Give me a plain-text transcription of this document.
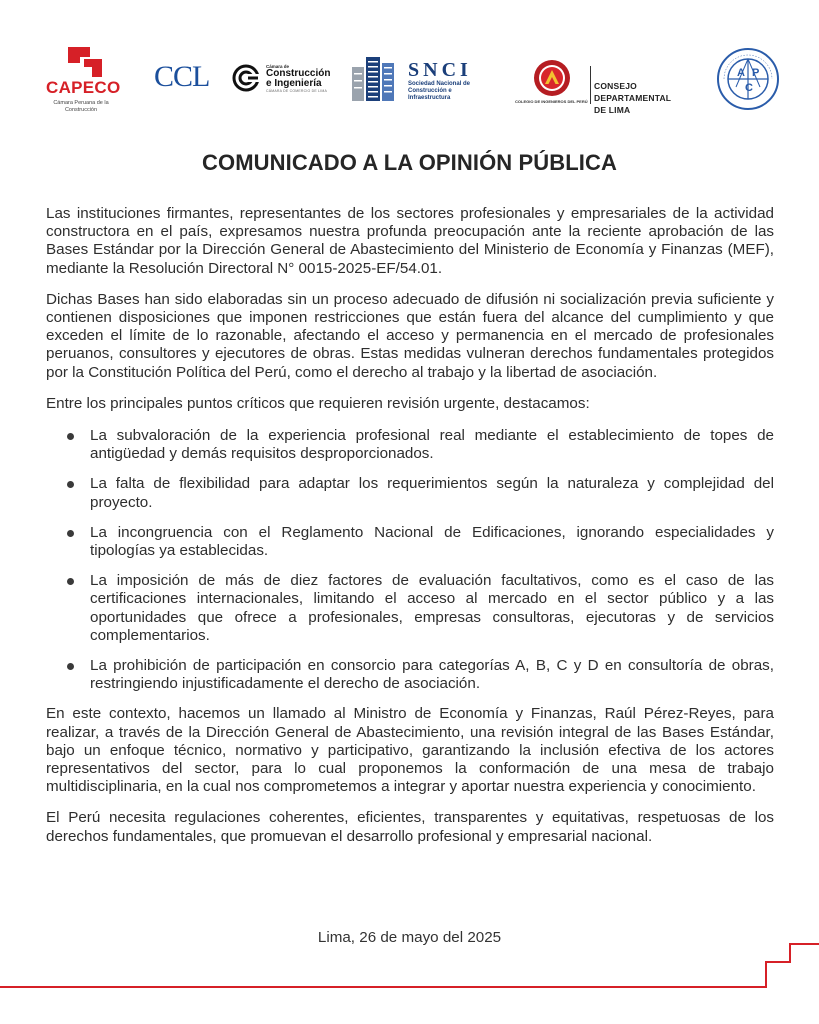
CAPECO
Cámara Peruana de la
Construcción
CCL	Cámara de
Construcción
e Ingeniería
CÁMARA DE COMERCIO DE LIMA
SNCI
Sociedad Nacional de
Construcción e Infraestructura
COLEGIO DE INGENIEROS DEL PERÚ
CONSEJO DEPARTAMENTAL
DE LIMA
A P
C
COMUNICADO A LA OPINIÓN PÚBLICA

Las instituciones firmantes, representantes de los sectores profesionales y empresariales de la actividad constructora en el país, expresamos nuestra profunda preocupación ante la reciente aprobación de las Bases Estándar por la Dirección General de Abastecimiento del Ministerio de Economía y Finanzas (MEF), mediante la Resolución Directoral N° 0015-2025-EF/54.01.

Dichas Bases han sido elaboradas sin un proceso adecuado de difusión ni socialización previa suficiente y contienen disposiciones que imponen restricciones que están fuera del alcance del cumplimiento y que exceden el límite de lo razonable, afectando el acceso y permanencia en el mercado de profesionales peruanos, consultores y ejecutores de obras. Estas medidas vulneran derechos fundamentales protegidos por la Constitución Política del Perú, como el derecho al trabajo y la libertad de asociación.

Entre los principales puntos críticos que requieren revisión urgente, destacamos:

La subvaloración de la experiencia profesional real mediante el establecimiento de topes de antigüedad y demás requisitos desproporcionados.
La falta de flexibilidad para adaptar los requerimientos según la naturaleza y complejidad del proyecto.
La incongruencia con el Reglamento Nacional de Edificaciones, ignorando especialidades y tipologías ya establecidas.
La imposición de más de diez factores de evaluación facultativos, como es el caso de las certificaciones internacionales, limitando el acceso al mercado en el sector público y a las oportunidades que ofrece a profesionales, empresas consultoras, ejecutoras y de servicios complementarios.
La prohibición de participación en consorcio para categorías A, B, C y D en consultoría de obras, restringiendo injustificadamente el derecho de asociación.

En este contexto, hacemos un llamado al Ministro de Economía y Finanzas, Raúl Pérez-Reyes, para realizar, a través de la Dirección General de Abastecimiento, una revisión integral de las Bases Estándar, bajo un enfoque técnico, normativo y participativo, garantizando la inclusión efectiva de los actores representativos del sector, para lo cual proponemos la conformación de una mesa de trabajo multidisciplinaria, en la cual nos comprometemos a integrar y aportar nuestra experiencia y conocimiento.

El Perú necesita regulaciones coherentes, eficientes, transparentes y equitativas, respetuosas de los derechos fundamentales, que promuevan el desarrollo profesional y empresarial nacional.

Lima, 26 de mayo del 2025
